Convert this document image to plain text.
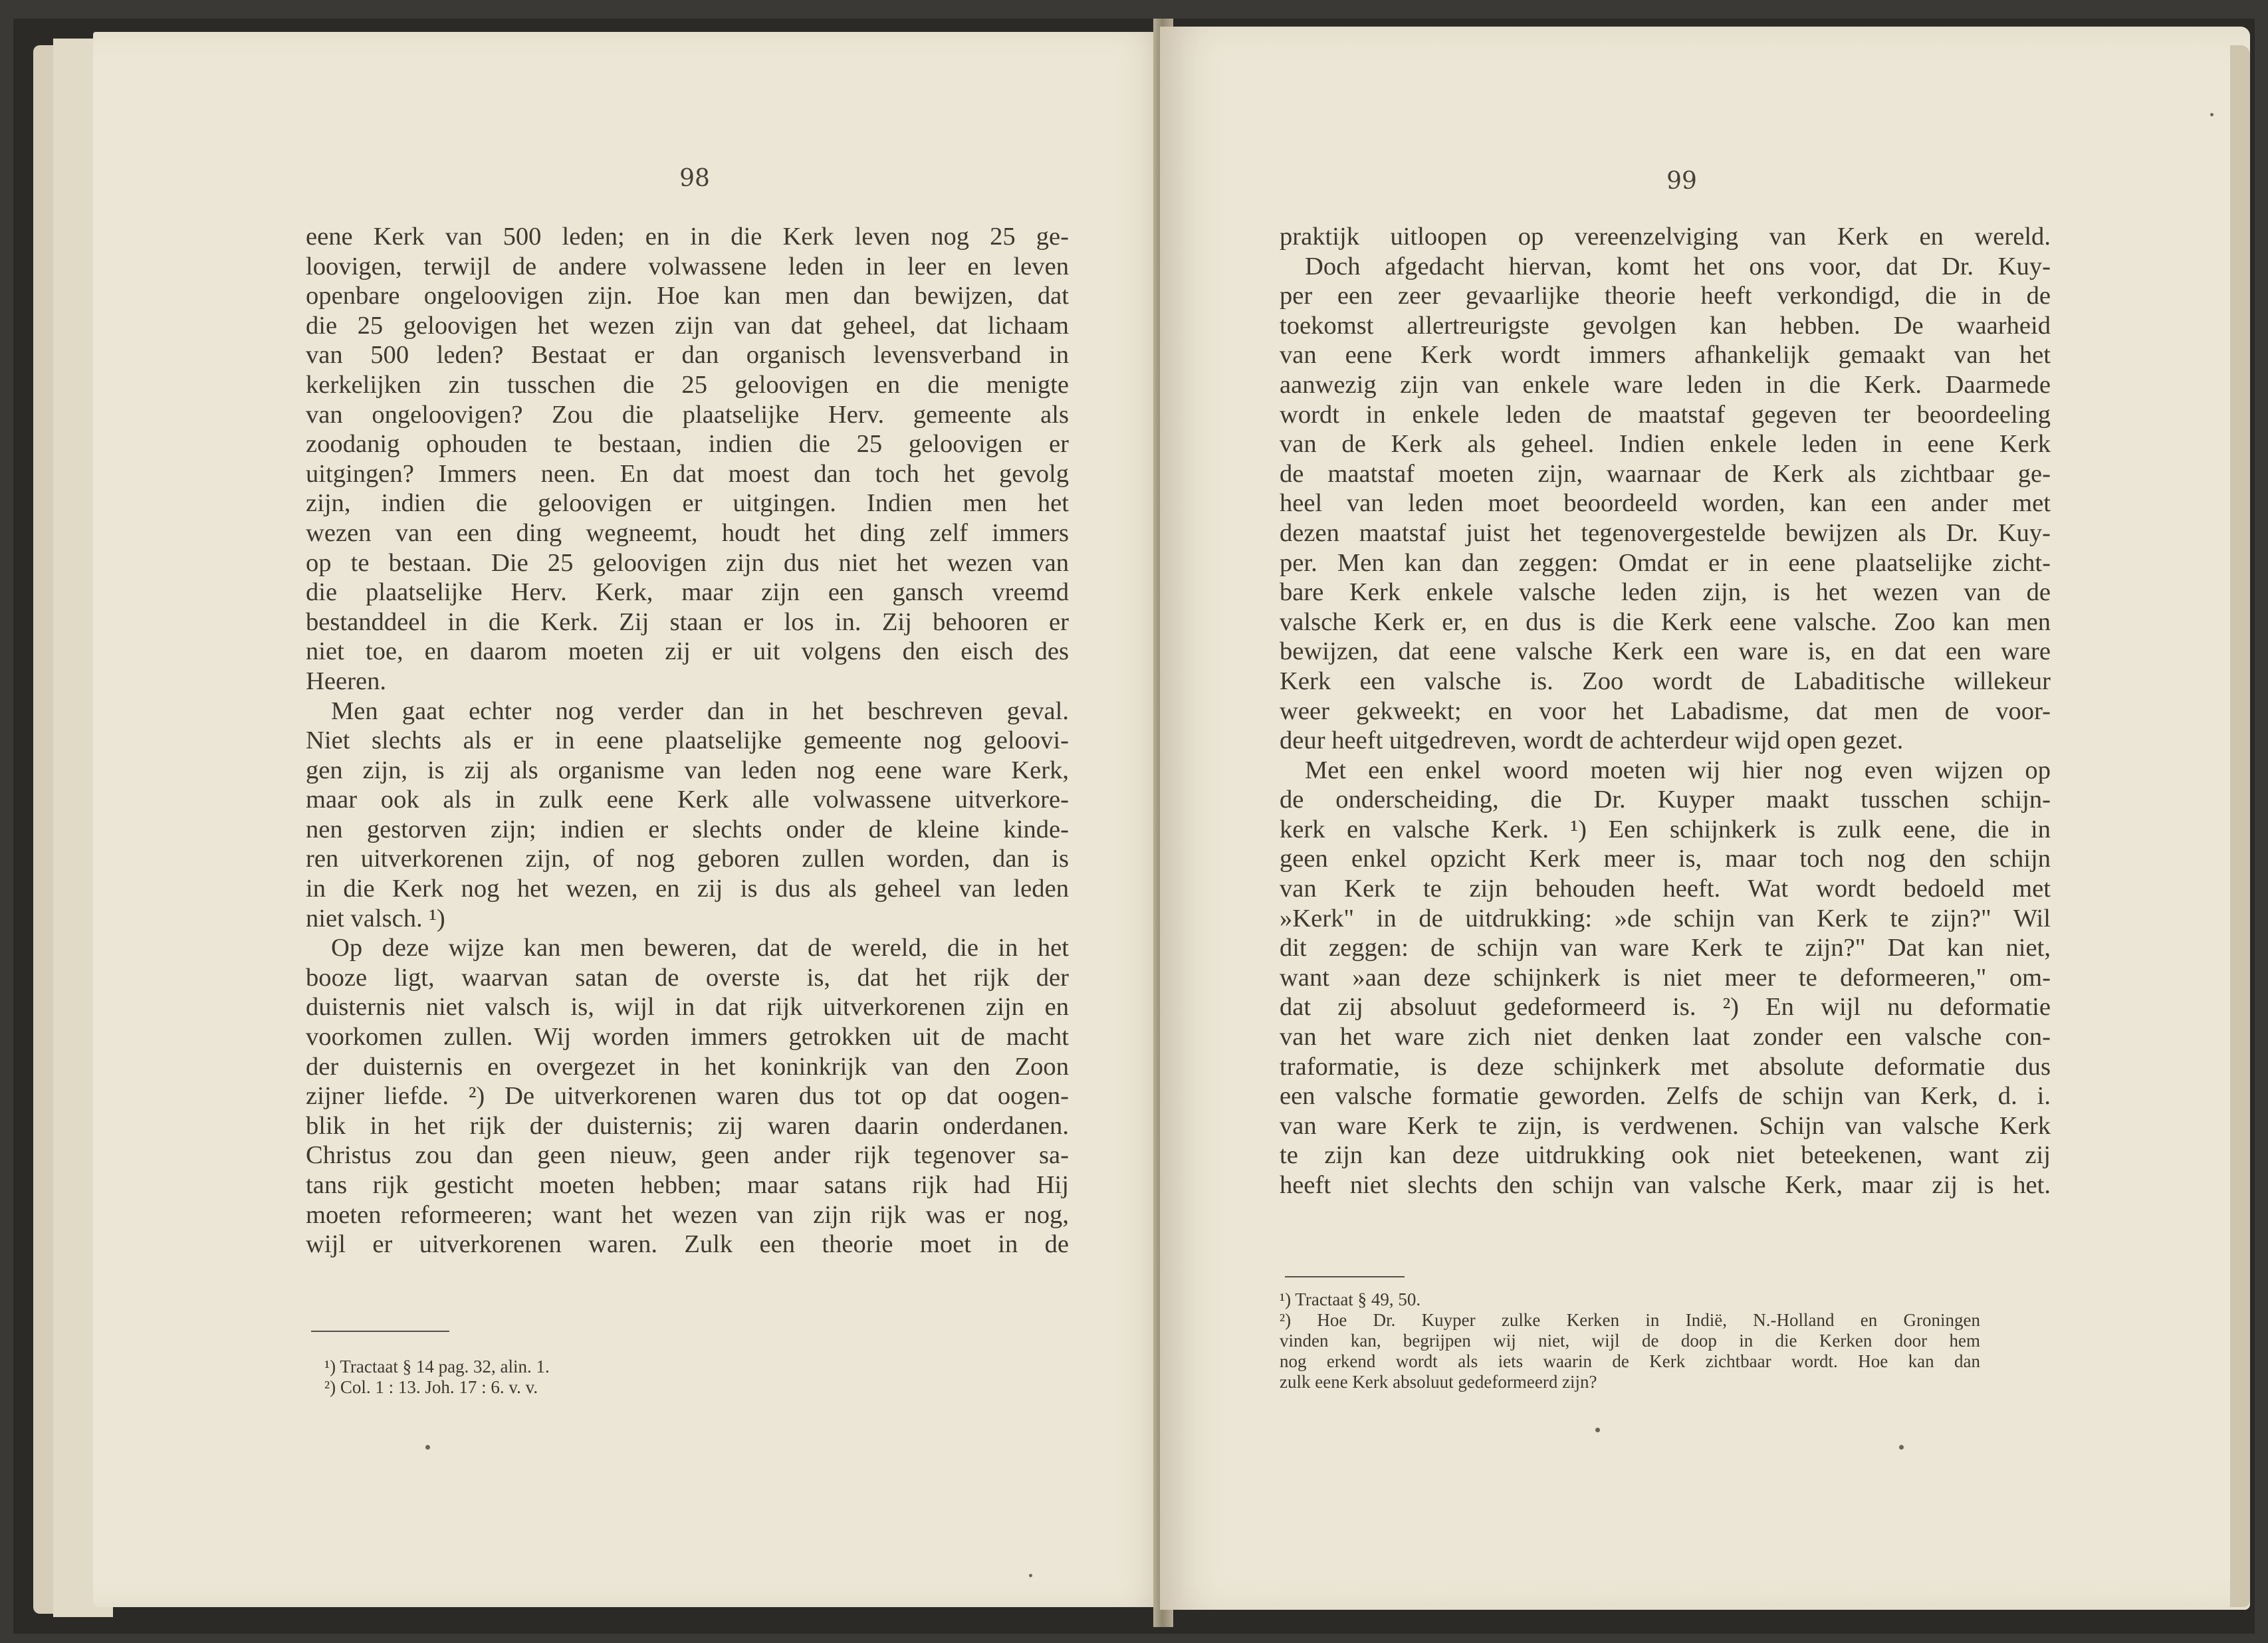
98
eene Kerk van 500 leden; en in die Kerk leven nog 25 ge-
loovigen, terwijl de andere volwassene leden in leer en leven
openbare ongeloovigen zijn. Hoe kan men dan bewijzen, dat
die 25 geloovigen het wezen zijn van dat geheel, dat lichaam
van 500 leden? Bestaat er dan organisch levensverband in
kerkelijken zin tusschen die 25 geloovigen en die menigte
van ongeloovigen? Zou die plaatselijke Herv. gemeente als
zoodanig ophouden te bestaan, indien die 25 geloovigen er
uitgingen? Immers neen. En dat moest dan toch het gevolg
zijn, indien die geloovigen er uitgingen. Indien men het
wezen van een ding wegneemt, houdt het ding zelf immers
op te bestaan. Die 25 geloovigen zijn dus niet het wezen van
die plaatselijke Herv. Kerk, maar zijn een gansch vreemd
bestanddeel in die Kerk. Zij staan er los in. Zij behooren er
niet toe, en daarom moeten zij er uit volgens den eisch des
Heeren.
Men gaat echter nog verder dan in het beschreven geval.
Niet slechts als er in eene plaatselijke gemeente nog geloovi-
gen zijn, is zij als organisme van leden nog eene ware Kerk,
maar ook als in zulk eene Kerk alle volwassene uitverkore-
nen gestorven zijn; indien er slechts onder de kleine kinde-
ren uitverkorenen zijn, of nog geboren zullen worden, dan is
in die Kerk nog het wezen, en zij is dus als geheel van leden
niet valsch. ¹)
Op deze wijze kan men beweren, dat de wereld, die in het
booze ligt, waarvan satan de overste is, dat het rijk der
duisternis niet valsch is, wijl in dat rijk uitverkorenen zijn en
voorkomen zullen. Wij worden immers getrokken uit de macht
der duisternis en overgezet in het koninkrijk van den Zoon
zijner liefde. ²) De uitverkorenen waren dus tot op dat oogen-
blik in het rijk der duisternis; zij waren daarin onderdanen.
Christus zou dan geen nieuw, geen ander rijk tegenover sa-
tans rijk gesticht moeten hebben; maar satans rijk had Hij
moeten reformeeren; want het wezen van zijn rijk was er nog,
wijl er uitverkorenen waren. Zulk een theorie moet in de
¹) Tractaat § 14 pag. 32, alin. 1.
²) Col. 1 : 13. Joh. 17 : 6. v. v.
99
praktijk uitloopen op vereenzelviging van Kerk en wereld.
Doch afgedacht hiervan, komt het ons voor, dat Dr. Kuy-
per een zeer gevaarlijke theorie heeft verkondigd, die in de
toekomst allertreurigste gevolgen kan hebben. De waarheid
van eene Kerk wordt immers afhankelijk gemaakt van het
aanwezig zijn van enkele ware leden in die Kerk. Daarmede
wordt in enkele leden de maatstaf gegeven ter beoordeeling
van de Kerk als geheel. Indien enkele leden in eene Kerk
de maatstaf moeten zijn, waarnaar de Kerk als zichtbaar ge-
heel van leden moet beoordeeld worden, kan een ander met
dezen maatstaf juist het tegenovergestelde bewijzen als Dr. Kuy-
per. Men kan dan zeggen: Omdat er in eene plaatselijke zicht-
bare Kerk enkele valsche leden zijn, is het wezen van de
valsche Kerk er, en dus is die Kerk eene valsche. Zoo kan men
bewijzen, dat eene valsche Kerk een ware is, en dat een ware
Kerk een valsche is. Zoo wordt de Labaditische willekeur
weer gekweekt; en voor het Labadisme, dat men de voor-
deur heeft uitgedreven, wordt de achterdeur wijd open gezet.
Met een enkel woord moeten wij hier nog even wijzen op
de onderscheiding, die Dr. Kuyper maakt tusschen schijn-
kerk en valsche Kerk. ¹) Een schijnkerk is zulk eene, die in
geen enkel opzicht Kerk meer is, maar toch nog den schijn
van Kerk te zijn behouden heeft. Wat wordt bedoeld met
»Kerk" in de uitdrukking: »de schijn van Kerk te zijn?" Wil
dit zeggen: de schijn van ware Kerk te zijn?" Dat kan niet,
want »aan deze schijnkerk is niet meer te deformeeren," om-
dat zij absoluut gedeformeerd is. ²) En wijl nu deformatie
van het ware zich niet denken laat zonder een valsche con-
traformatie, is deze schijnkerk met absolute deformatie dus
een valsche formatie geworden. Zelfs de schijn van Kerk, d. i.
van ware Kerk te zijn, is verdwenen. Schijn van valsche Kerk
te zijn kan deze uitdrukking ook niet beteekenen, want zij
heeft niet slechts den schijn van valsche Kerk, maar zij is het.
¹) Tractaat § 49, 50.
²) Hoe Dr. Kuyper zulke Kerken in Indië, N.-Holland en Groningen
vinden kan, begrijpen wij niet, wijl de doop in die Kerken door hem
nog erkend wordt als iets waarin de Kerk zichtbaar wordt. Hoe kan dan
zulk eene Kerk absoluut gedeformeerd zijn?
